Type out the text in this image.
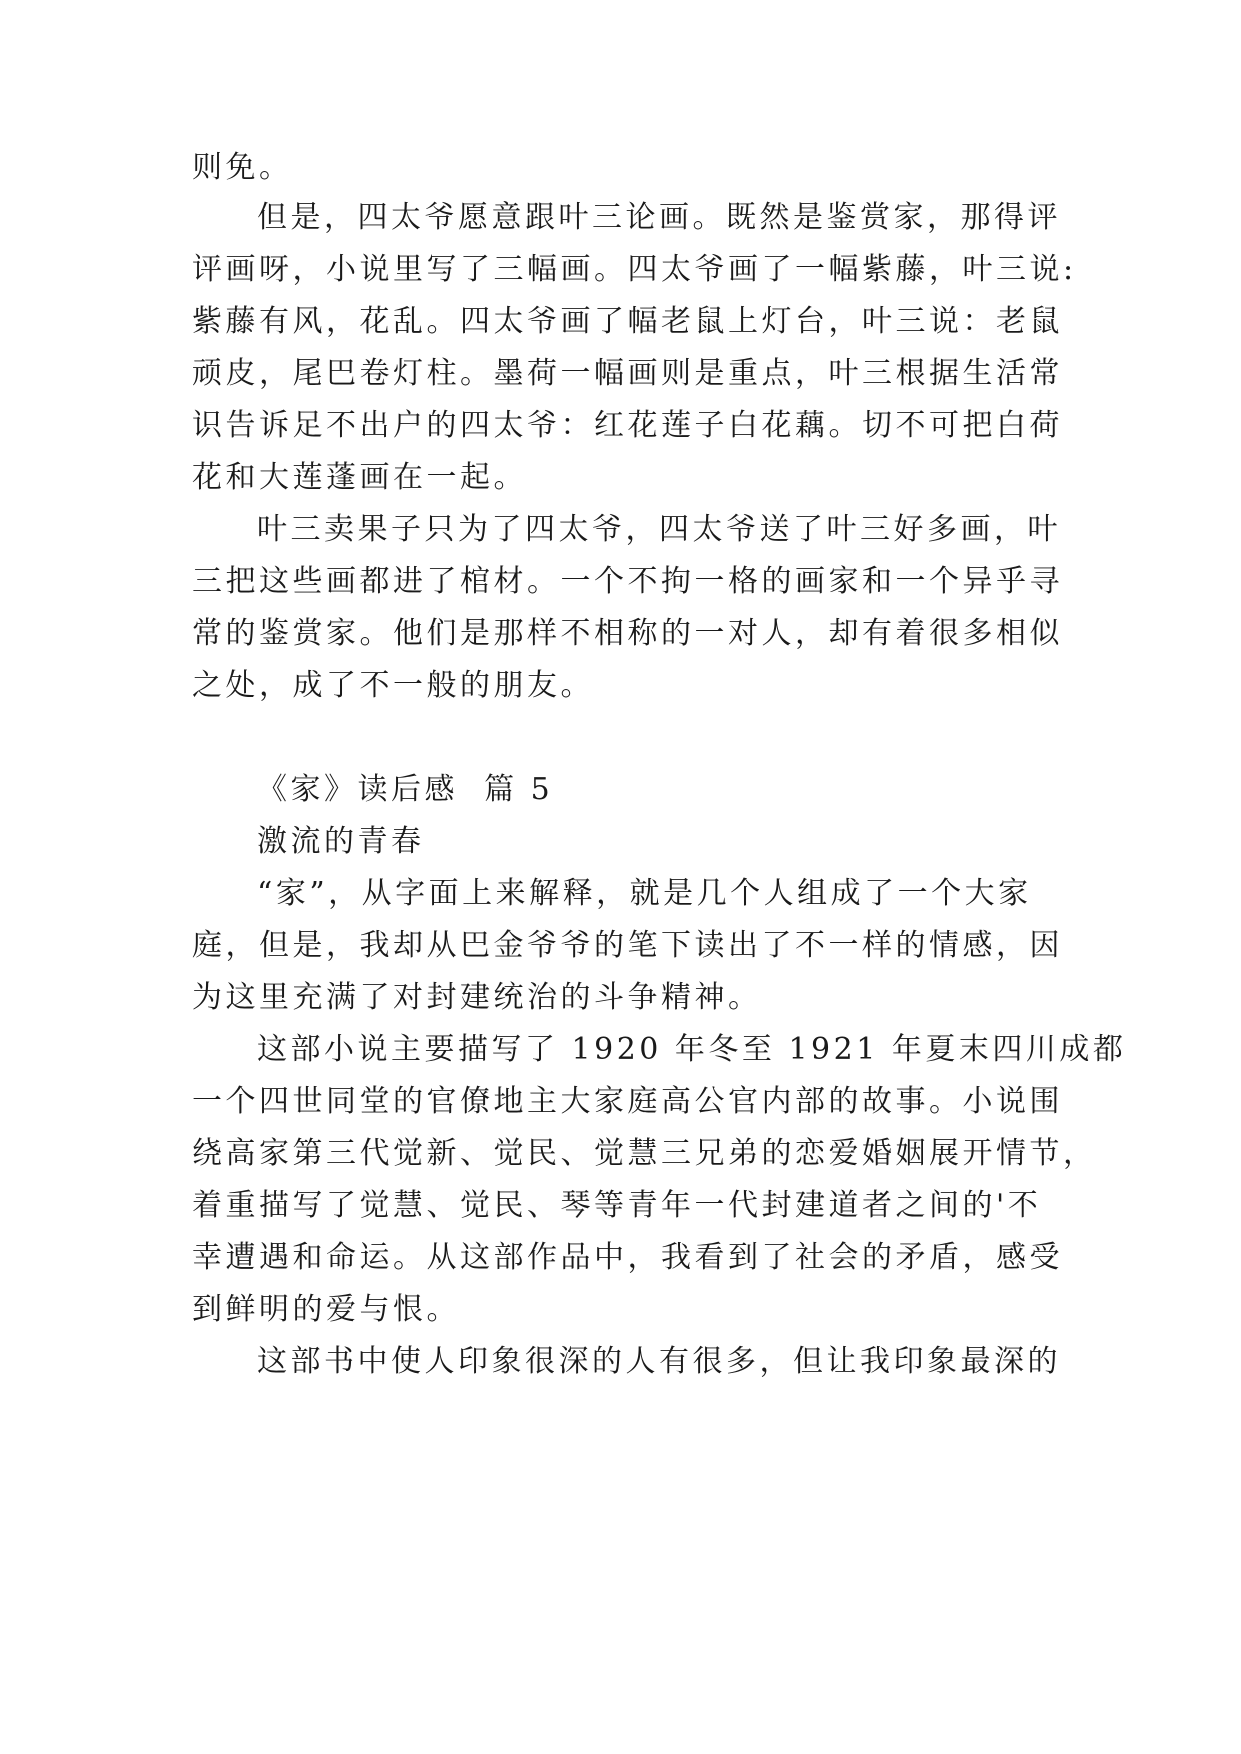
则免。
但是，四太爷愿意跟叶三论画。既然是鉴赏家，那得评
评画呀，小说里写了三幅画。四太爷画了一幅紫藤，叶三说:
紫藤有风，花乱。四太爷画了幅老鼠上灯台，叶三说：老鼠
顽皮，尾巴卷灯柱。墨荷一幅画则是重点，叶三根据生活常
识告诉足不出户的四太爷：红花莲子白花藕。切不可把白荷
花和大莲蓬画在一起。
叶三卖果子只为了四太爷，四太爷送了叶三好多画，叶
三把这些画都进了棺材。一个不拘一格的画家和一个异乎寻
常的鉴赏家。他们是那样不相称的一对人，却有着很多相似
之处，成了不一般的朋友。
《家》读后感  篇 5
激流的青春
“家”，从字面上来解释，就是几个人组成了一个大家
庭，但是，我却从巴金爷爷的笔下读出了不一样的情感，因
为这里充满了对封建统治的斗争精神。
这部小说主要描写了 1920 年冬至 1921 年夏末四川成都
一个四世同堂的官僚地主大家庭高公官内部的故事。小说围
绕高家第三代觉新、觉民、觉慧三兄弟的恋爱婚姻展开情节，
着重描写了觉慧、觉民、琴等青年一代封建道者之间的'不
幸遭遇和命运。从这部作品中，我看到了社会的矛盾，感受
到鲜明的爱与恨。
这部书中使人印象很深的人有很多，但让我印象最深的
